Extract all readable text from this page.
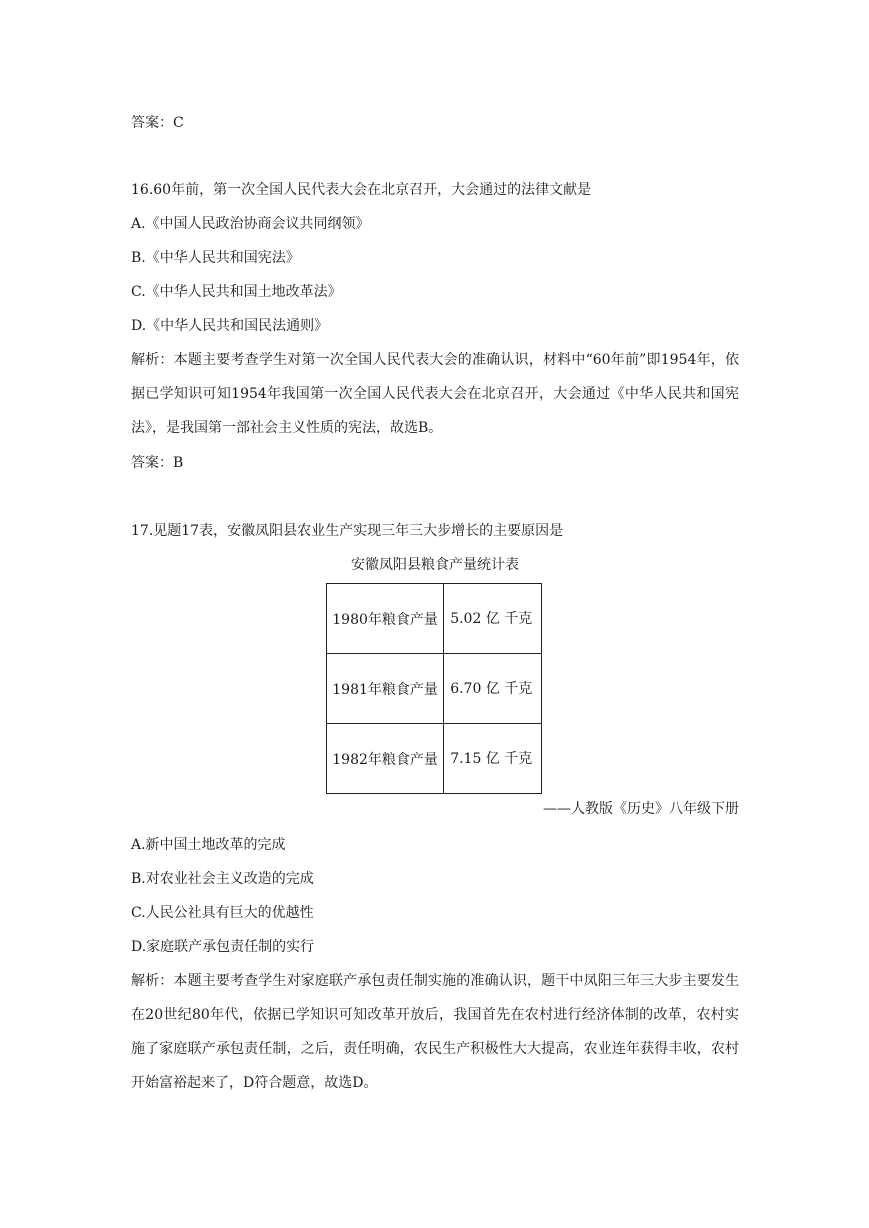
答案：C
16.60年前，第一次全国人民代表大会在北京召开，大会通过的法律文献是
A.《中国人民政治协商会议共同纲领》
B.《中华人民共和国宪法》
C.《中华人民共和国土地改革法》
D.《中华人民共和国民法通则》
解析：本题主要考查学生对第一次全国人民代表大会的准确认识，材料中“60年前”即1954年，依据已学知识可知1954年我国第一次全国人民代表大会在北京召开，大会通过《中华人民共和国宪法》，是我国第一部社会主义性质的宪法，故选B。
答案：B
17.见题17表，安徽凤阳县农业生产实现三年三大步增长的主要原因是
安徽凤阳县粮食产量统计表
1980年粮食产量	5.02 亿 千克
1981年粮食产量	6.70 亿 千克
1982年粮食产量	7.15 亿 千克
——人教版《历史》八年级下册
A.新中国土地改革的完成
B.对农业社会主义改造的完成
C.人民公社具有巨大的优越性
D.家庭联产承包责任制的实行
解析：本题主要考查学生对家庭联产承包责任制实施的准确认识，题干中凤阳三年三大步主要发生在20世纪80年代，依据已学知识可知改革开放后，我国首先在农村进行经济体制的改革，农村实施了家庭联产承包责任制，之后，责任明确，农民生产积极性大大提高，农业连年获得丰收，农村开始富裕起来了，D符合题意，故选D。
